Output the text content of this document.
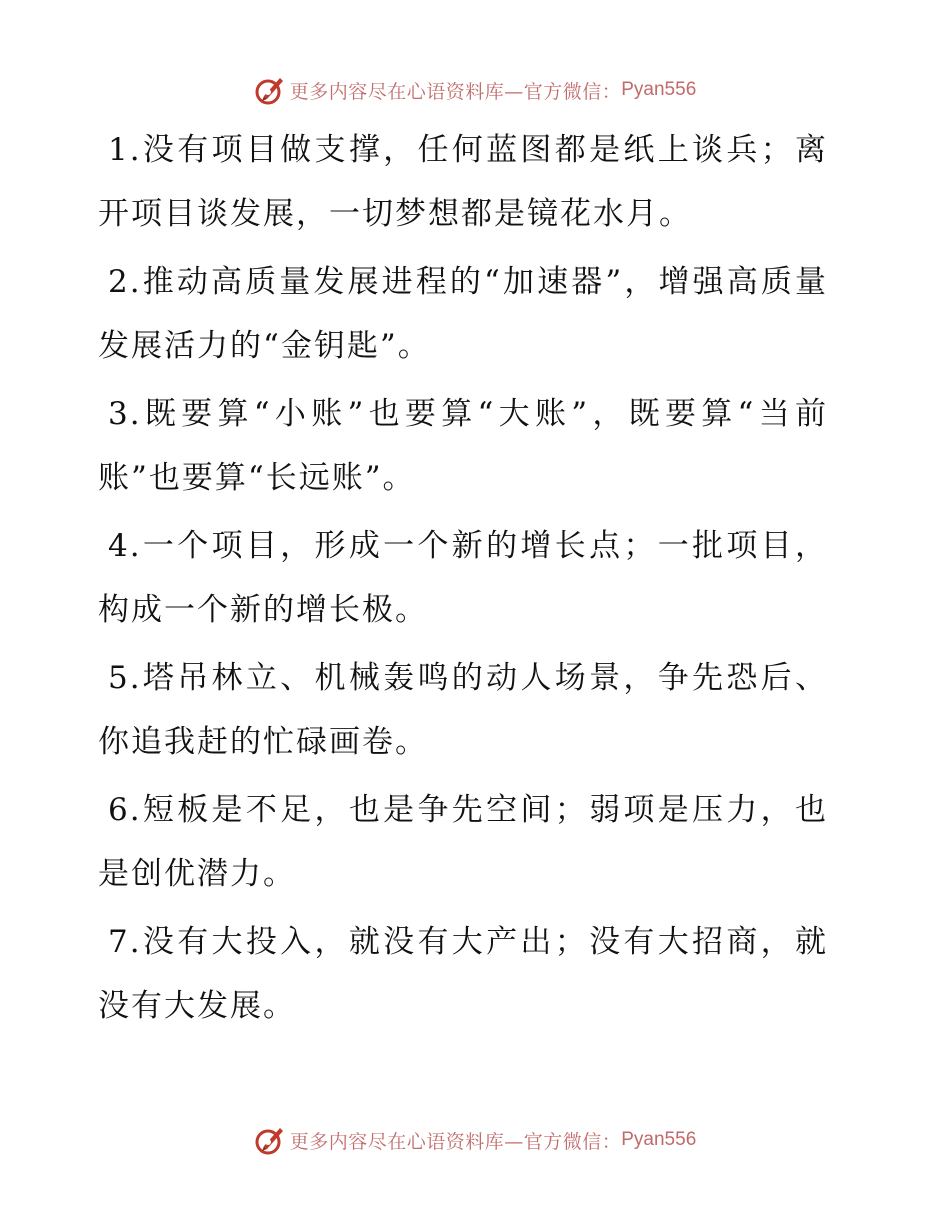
更多内容尽在心语资料库—官方微信： Pyan556

1.没有项目做支撑，任何蓝图都是纸上谈兵；离开项目谈发展，一切梦想都是镜花水月。

2.推动高质量发展进程的“加速器”，增强高质量发展活力的“金钥匙”。

3.既要算“小账”也要算“大账”，既要算“当前账”也要算“长远账”。

4.一个项目，形成一个新的增长点；一批项目，构成一个新的增长极。

5.塔吊林立、机械轰鸣的动人场景，争先恐后、你追我赶的忙碌画卷。

6.短板是不足，也是争先空间；弱项是压力，也是创优潜力。

7.没有大投入，就没有大产出；没有大招商，就没有大发展。

更多内容尽在心语资料库—官方微信： Pyan556
